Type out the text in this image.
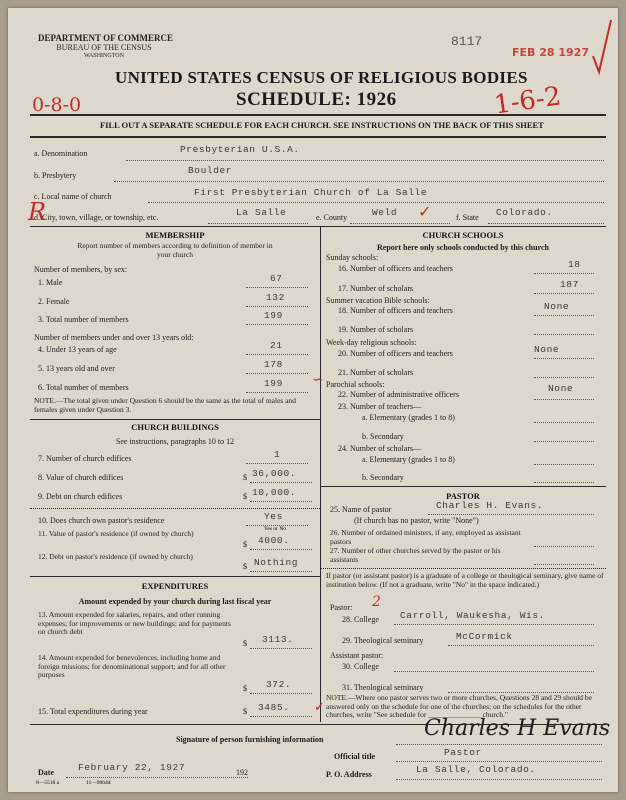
DEPARTMENT OF COMMERCE
BUREAU OF THE CENSUS
WASHINGTON
8117
FEB 28 1927
UNITED STATES CENSUS OF RELIGIOUS BODIES
SCHEDULE: 1926
0-8-0	1-6-2
FILL OUT A SEPARATE SCHEDULE FOR EACH CHURCH. SEE INSTRUCTIONS ON THE BACK OF THIS SHEET
a. Denomination	Presbyterian U.S.A.
b. Presbytery	Boulder
c. Local name of church	First Presbyterian Church of La Salle
d. City, town, village, or township, etc.	La Salle	e. County	Weld ✓	f. State Colorado.
R
MEMBERSHIP
Report number of members according to definition of member in your church
Number of members, by sex:
1. Male	67
2. Female	132
3. Total number of members	199
Number of members under and over 13 years old:
4. Under 13 years of age	21
5. 13 years old and over	178
6. Total number of members	199 ∽
NOTE.—The total given under Question 6 should be the same as the total of males and females given under Question 3.
CHURCH BUILDINGS
See instructions, paragraphs 10 to 12
7. Number of church edifices	1
8. Value of church edifices	$ 36,000.
9. Debt on church edifices	$ 10,000.
10. Does church own pastor's residence	Yes
Yes or No
11. Value of pastor's residence (if owned by church)
$ 4000.
12. Debt on pastor's residence (if owned by church)
$ Nothing
EXPENDITURES
Amount expended by your church during last fiscal year
13. Amount expended for salaries, repairs, and other running expenses; for improvements or new buildings; and for payments on church debt
$ 3113.
14. Amount expended for benevolences, including home and foreign missions; for denominational support; and for all other purposes
$ 372.
15. Total expenditures during year	$ 3485. ✓
CHURCH SCHOOLS
Report here only schools conducted by this church
Sunday schools:
16. Number of officers and teachers	18
17. Number of scholars	187
Summer vacation Bible schools:
18. Number of officers and teachers	None
19. Number of scholars
Week-day religious schools:
20. Number of officers and teachers	None
21. Number of scholars
Parochial schools:
22. Number of administrative officers
None
23. Number of teachers—
a. Elementary (grades 1 to 8)
b. Secondary
24. Number of scholars—
a. Elementary (grades 1 to 8)
b. Secondary
PASTOR
25. Name of pastor	Charles H. Evans.
(If church has no pastor, write "None")
26. Number of ordained ministers, if any, employed as assistant pastors
27. Number of other churches served by the pastor or his assistants
If pastor (or assistant pastor) is a graduate of a college or theological seminary, give name of institution below. (If not a graduate, write "No" in the space indicated.)
Pastor: 2
28. College Carroll, Waukesha, Wis.
29. Theological seminary	McCormick
Assistant pastor:
30. College
31. Theological seminary
NOTE.—Where one pastor serves two or more churches, Questions 28 and 29 should be answered only on the schedule for one of the churches; on the schedules for the other churches, write "See schedule for ______________ church."
Signature of person furnishing information	Charles H Evans
Official title	Pastor
Date	February 22, 1927	192	P. O. Address	La Salle, Colorado.
8—5518 a	11—9064d
